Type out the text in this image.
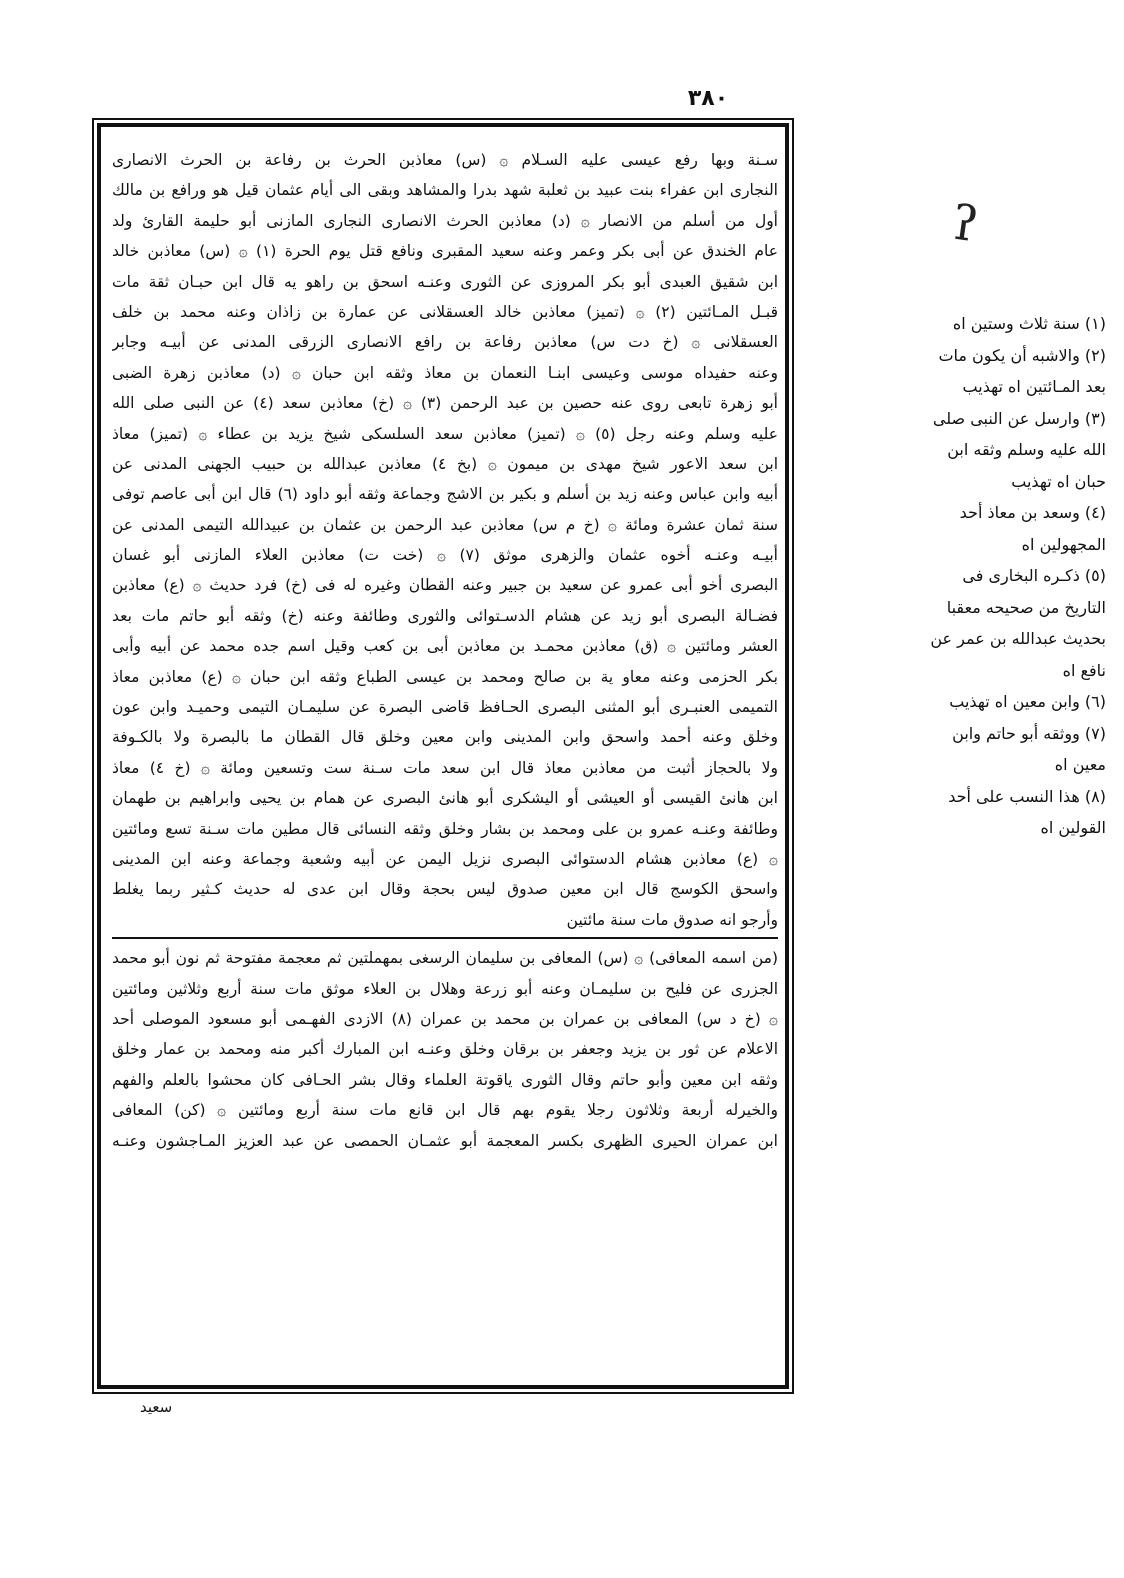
٣٨٠
ʔ
سـنة وبها رفع عيسى عليه السـلام ۞ (س) معاذبن الحرث بن رفاعة بن الحرث الانصارى
النجارى ابن عفراء بنت عبيد بن ثعلبة شهد بدرا والمشاهد وبقى الى أيام عثمان قيل هو ورافع بن مالك
أول من أسلم من الانصار ۞ (د) معاذبن الحرث الانصارى النجارى المازنى أبو حليمة القارئ ولد
عام الخندق عن أبى بكر وعمر وعنه سعيد المقبرى ونافع قتل يوم الحرة (١) ۞ (س) معاذبن خالد
ابن شقيق العبدى أبو بكر المروزى عن الثورى وعنـه اسحق بن راهو يه قال ابن حبـان ثقة مات
قبـل المـائتين (٢) ۞ (تميز) معاذبن خالد العسقلانى عن عمارة بن زاذان وعنه محمد بن خلف
العسقلانى ۞ (خ دت س) معاذبن رفاعة بن رافع الانصارى الزرقى المدنى عن أبيـه وجابر
وعنه حفيداه موسى وعيسى ابنـا النعمان بن معاذ وثقه ابن حبان ۞ (د) معاذبن زهرة الضبى
أبو زهرة تابعى روى عنه حصين بن عبد الرحمن (٣) ۞ (خ) معاذبن سعد (٤) عن النبى صلى الله
عليه وسلم وعنه رجل (٥) ۞ (تميز) معاذبن سعد السلسكى شيخ يزيد بن عطاء ۞ (تميز) معاذ
ابن سعد الاعور شيخ مهدى بن ميمون ۞ (بخ ٤) معاذبن عبدالله بن حبيب الجهنى المدنى عن
أبيه وابن عباس وعنه زيد بن أسلم و بكير بن الاشج وجماعة وثقه أبو داود (٦) قال ابن أبى عاصم توفى
سنة ثمان عشرة ومائة ۞ (خ م س) معاذبن عبد الرحمن بن عثمان بن عبيدالله التيمى المدنى عن
أبيـه وعنـه أخوه عثمان والزهرى موثق (٧) ۞ (خت ت) معاذبن العلاء المازنى أبو غسان
البصرى أخو أبى عمرو عن سعيد بن جبير وعنه القطان وغيره له فى (خ) فرد حديث ۞ (ع) معاذبن
فضـالة البصرى أبو زيد عن هشام الدسـتوائى والثورى وطائفة وعنه (خ) وثقه أبو حاتم مات بعد
العشر ومائتين ۞ (ق) معاذبن محمـد بن معاذبن أبى بن كعب وقيل اسم جده محمد عن أبيه وأبى
بكر الحزمى وعنه معاو ية بن صالح ومحمد بن عيسى الطباع وثقه ابن حبان ۞ (ع) معاذبن معاذ
التميمى العنبـرى أبو المثنى البصرى الحـافظ قاضى البصرة عن سليمـان التيمى وحميـد وابن عون
وخلق وعنه أحمد واسحق وابن المدينى وابن معين وخلق قال القطان ما بالبصرة ولا بالكـوفة
ولا بالحجاز أثبت من معاذبن معاذ قال ابن سعد مات سـنة ست وتسعين ومائة ۞ (خ ٤) معاذ
ابن هانئ القيسى أو العيشى أو اليشكرى أبو هانئ البصرى عن همام بن يحيى وابراهيم بن طهمان
وطائفة وعنـه عمرو بن على ومحمد بن بشار وخلق وثقه النسائى قال مطين مات سـنة تسع ومائتين
۞ (ع) معاذبن هشام الدستوائى البصرى نزيل اليمن عن أبيه وشعبة وجماعة وعنه ابن المدينى
واسحق الكوسج قال ابن معين صدوق ليس بحجة وقال ابن عدى له حديث كـثير ربما يغلط
وأرجو انه صدوق مات سنة مائتين
(من اسمه المعافى) ۞ (س) المعافى بن سليمان الرسغى بمهملتين ثم معجمة مفتوحة ثم نون أبو محمد
الجزرى عن فليح بن سليمـان وعنه أبو زرعة وهلال بن العلاء موثق مات سنة أربع وثلاثين ومائتين
۞ (خ د س) المعافى بن عمران بن محمد بن عمران (٨) الازدى الفهـمى أبو مسعود الموصلى أحد
الاعلام عن ثور بن يزيد وجعفر بن برقان وخلق وعنـه ابن المبارك أكبر منه ومحمد بن عمار وخلق
وثقه ابن معين وأبو حاتم وقال الثورى ياقوتة العلماء وقال بشر الحـافى كان محشوا بالعلم والفهم
والخيرله أربعة وثلاثون رجلا يقوم بهم قال ابن قانع مات سنة أربع ومائتين ۞ (كن) المعافى
ابن عمران الحيرى الظهرى بكسر المعجمة أبو عثمـان الحمصى عن عبد العزيز المـاجشون وعنـه
(١) سنة ثلاث وستين اه
(٢) والاشبه أن يكون مات
بعد المـائتين اه تهذيب
(٣) وارسل عن النبى صلى
الله عليه وسلم وثقه ابن
حبان اه تهذيب
(٤) وسعد بن معاذ أحد
المجهولين اه
(٥) ذكـره البخارى فى
التاريخ من صحيحه معقبا
بحديث عبدالله بن عمر عن
نافع اه
(٦) وابن معين اه تهذيب
(٧) ووثقه أبو حاتم وابن
معين اه
(٨) هذا النسب على أحد
القولين اه
سعيد
